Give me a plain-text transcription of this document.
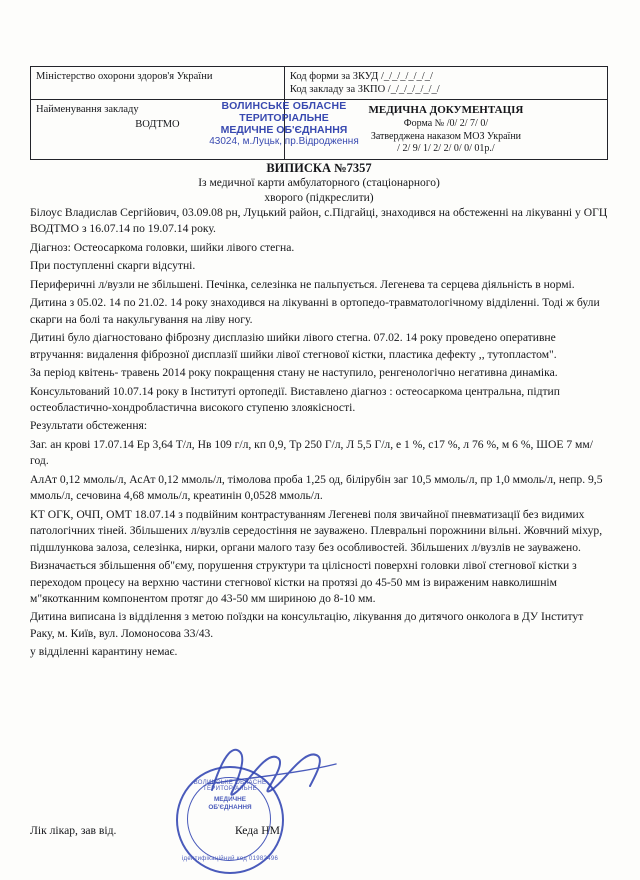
Міністерство охорони здоров'я України	Код форми за ЗКУД /_/_/_/_/_/_/
Код закладу за ЗКПО /_/_/_/_/_/_/

Найменування закладу
ВОДТМО	МЕДИЧНА ДОКУМЕНТАЦІЯ
Форма № /0/ 2/ 7/ 0/
Затверджена наказом МОЗ України
/ 2/ 9/ 1/ 2/ 2/ 0/ 0/ 01р./
ВИПИСКА №7357
Із медичної карти амбулаторного (стаціонарного)
хворого (підкреслити)

Білоус Владислав Сергійович, 03.09.08 рн, Луцький район, с.Підгайці, знаходився на обстеженні на лікуванні у ОГЦ ВОДТМО з 16.07.14 по 19.07.14 року.

Діагноз: Остеосаркома головки, шийки лівого стегна.

При поступленні скарги відсутні.

Периферичні л/вузли не збільшені. Печінка, селезінка не пальпується. Легенева та серцева діяльність в нормі.

Дитина з 05.02. 14 по 21.02. 14 року знаходився на лікуванні в ортопедо-травматологічному відділенні. Тоді ж були скарги на болі та накульгування на ліву ногу.

Дитині було діагностовано фіброзну дисплазію шийки лівого стегна. 07.02. 14 року проведено оперативне втручання: видалення фіброзної дисплазії шийки лівої стегнової кістки, пластика дефекту ,, тутопластом".

За період квітень- травень 2014 року покращення стану не наступило, ренгенологічно негативна динаміка.

Консультований 10.07.14 року в Інституті ортопедії. Виставлено діагноз : остеосаркома центральна, підтип остеобластично-хондробластична високого ступеню злоякісності.

Результати обстеження:

Заг. ан крові 17.07.14 Ер 3,64 Т/л, Нв 109 г/л, кп 0,9, Тр 250 Г/л, Л 5,5 Г/л, е 1 %, с17 %, л 76 %, м 6 %, ШОЕ 7 мм/год.

АлАт 0,12 ммоль/л, АсАт 0,12 ммоль/л, тімолова проба 1,25 од, білірубін заг 10,5 ммоль/л, пр 1,0 ммоль/л, непр. 9,5 ммоль/л, сечовина 4,68 ммоль/л, креатинін 0,0528 ммоль/л.

КТ ОГК, ОЧП, ОМТ 18.07.14 з подвійним контрастуванням Легеневі поля звичайної пневматизації без видимих патологічних тіней. Збільшених л/вузлів середостіння не зауважено. Плевральні порожнини вільні. Жовчний міхур, підшлункова залоза, селезінка, нирки, органи малого тазу без особливостей. Збільшених л/вузлів не зауважено.

Визначається збільшення об"єму, порушення структури та цілісності поверхні головки лівої стегнової кістки з переходом процесу на верхню частини стегнової кістки на протязі до 45-50 мм із вираженим навколишнім м"якотканним компонентом протяг до 43-50 мм шириною до 8-10 мм.

Дитина виписана із відділення з метою поїздки на консультацію, лікування до дитячого онколога в ДУ Інститут Раку, м. Київ, вул. Ломоносова 33/43.

у відділенні карантину немає.

Лік лікар, зав від.	Кеда НМ
ВОЛИНСЬКЕ ОБЛАСНЕ
ТЕРИТОРІАЛЬНЕ
МЕДИЧНЕ ОБ'ЄДНАННЯ
43024, м.Луцьк, пр.Відродження
ВОЛИНСЬКЕ ОБЛАСНЕ ТЕРИТОРІАЛЬНЕ
МЕДИЧНЕ ОБ'ЄДНАННЯ
ідентифікаційний код 01982496
